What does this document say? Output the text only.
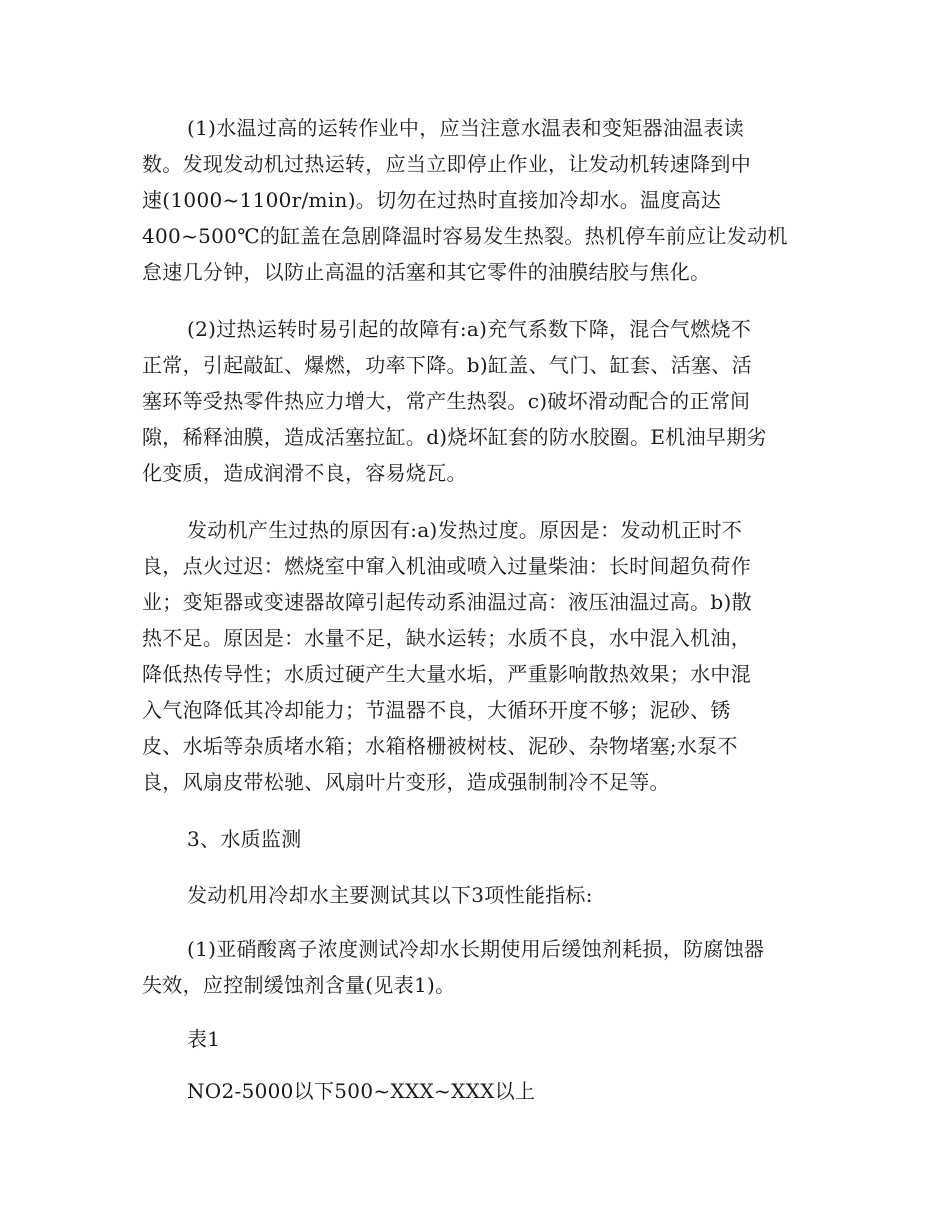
(1)水温过高的运转作业中，应当注意水温表和变矩器油温表读
数。发现发动机过热运转，应当立即停止作业，让发动机转速降到中
速(1000~1100r/min)。切勿在过热时直接加冷却水。温度高达
400~500℃的缸盖在急剧降温时容易发生热裂。热机停车前应让发动机
怠速几分钟，以防止高温的活塞和其它零件的油膜结胶与焦化。
(2)过热运转时易引起的故障有:a)充气系数下降，混合气燃烧不
正常，引起敲缸、爆燃，功率下降。b)缸盖、气门、缸套、活塞、活
塞环等受热零件热应力增大，常产生热裂。c)破坏滑动配合的正常间
隙，稀释油膜，造成活塞拉缸。d)烧坏缸套的防水胶圈。E机油早期劣
化变质，造成润滑不良，容易烧瓦。
发动机产生过热的原因有:a)发热过度。原因是：发动机正时不
良，点火过迟：燃烧室中窜入机油或喷入过量柴油：长时间超负荷作
业；变矩器或变速器故障引起传动系油温过高：液压油温过高。b)散
热不足。原因是：水量不足，缺水运转；水质不良，水中混入机油，
降低热传导性；水质过硬产生大量水垢，严重影响散热效果；水中混
入气泡降低其冷却能力；节温器不良，大循环开度不够；泥砂、锈
皮、水垢等杂质堵水箱；水箱格栅被树枝、泥砂、杂物堵塞;水泵不
良，风扇皮带松驰、风扇叶片变形，造成强制制冷不足等。
3、水质监测
发动机用冷却水主要测试其以下3项性能指标:
(1)亚硝酸离子浓度测试冷却水长期使用后缓蚀剂耗损，防腐蚀器
失效，应控制缓蚀剂含量(见表1)。
表1
NO2-5000以下500~XXX~XXX以上
